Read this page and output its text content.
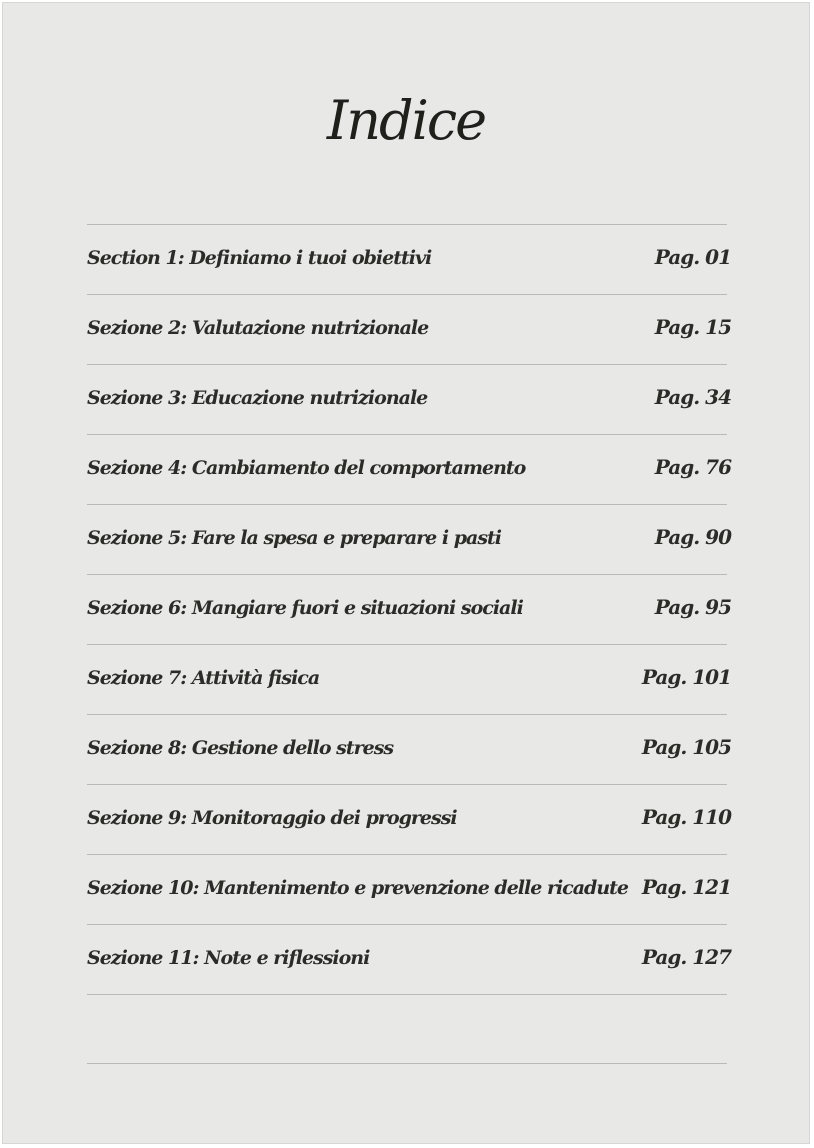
Indice
Section 1: Definiamo i tuoi obiettivi	Pag. 01
Sezione 2: Valutazione nutrizionale	Pag. 15
Sezione 3: Educazione nutrizionale	Pag. 34
Sezione 4: Cambiamento del comportamento	Pag. 76
Sezione 5: Fare la spesa e preparare i pasti	Pag. 90
Sezione 6: Mangiare fuori e situazioni sociali	Pag. 95
Sezione 7: Attività fisica	Pag. 101
Sezione 8: Gestione dello stress	Pag. 105
Sezione 9: Monitoraggio dei progressi	Pag. 110
Sezione 10: Mantenimento e prevenzione delle ricadute Pag. 121
Sezione 11: Note e riflessioni	Pag. 127
